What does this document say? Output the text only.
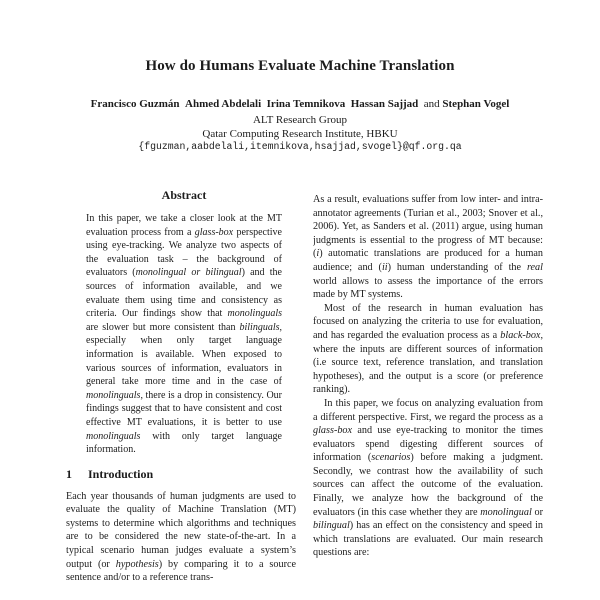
How do Humans Evaluate Machine Translation
Francisco Guzmán Ahmed Abdelali Irina Temnikova Hassan Sajjad  and Stephan Vogel
ALT Research Group
Qatar Computing Research Institute, HBKU
{fguzman,aabdelali,itemnikova,hsajjad,svogel}@qf.org.qa
Abstract

In this paper, we take a closer look at the MT evaluation process from a glass-box perspective using eye-tracking. We analyze two aspects of the evaluation task – the background of evaluators (monolingual or bilingual) and the sources of information available, and we evaluate them using time and consistency as criteria. Our findings show that monolinguals are slower but more consistent than bilinguals, especially when only target language information is available. When exposed to various sources of information, evaluators in general take more time and in the case of monolinguals, there is a drop in consistency. Our findings suggest that to have consistent and cost effective MT evaluations, it is better to use monolinguals with only target language information.

1 Introduction

Each year thousands of human judgments are used to evaluate the quality of Machine Translation (MT) systems to determine which algorithms and techniques are to be considered the new state-of-the-art. In a typical scenario human judges evaluate a system’s output (or hypothesis) by comparing it to a source sentence and/or to a reference trans-

As a result, evaluations suffer from low inter- and intra-annotator agreements (Turian et al., 2003; Snover et al., 2006). Yet, as Sanders et al. (2011) argue, using human judgments is essential to the progress of MT because: (i) automatic translations are produced for a human audience; and (ii) human understanding of the real world allows to assess the importance of the errors made by MT systems.

Most of the research in human evaluation has focused on analyzing the criteria to use for evaluation, and has regarded the evaluation process as a black-box, where the inputs are different sources of information (i.e source text, reference translation, and translation hypotheses), and the output is a score (or preference ranking).

In this paper, we focus on analyzing evaluation from a different perspective. First, we regard the process as a glass-box and use eye-tracking to monitor the times evaluators spend digesting different sources of information (scenarios) before making a judgment. Secondly, we contrast how the availability of such sources can affect the outcome of the evaluation. Finally, we analyze how the background of the evaluators (in this case whether they are monolingual or bilingual) has an effect on the consistency and speed in which translations are evaluated. Our main research questions are:
